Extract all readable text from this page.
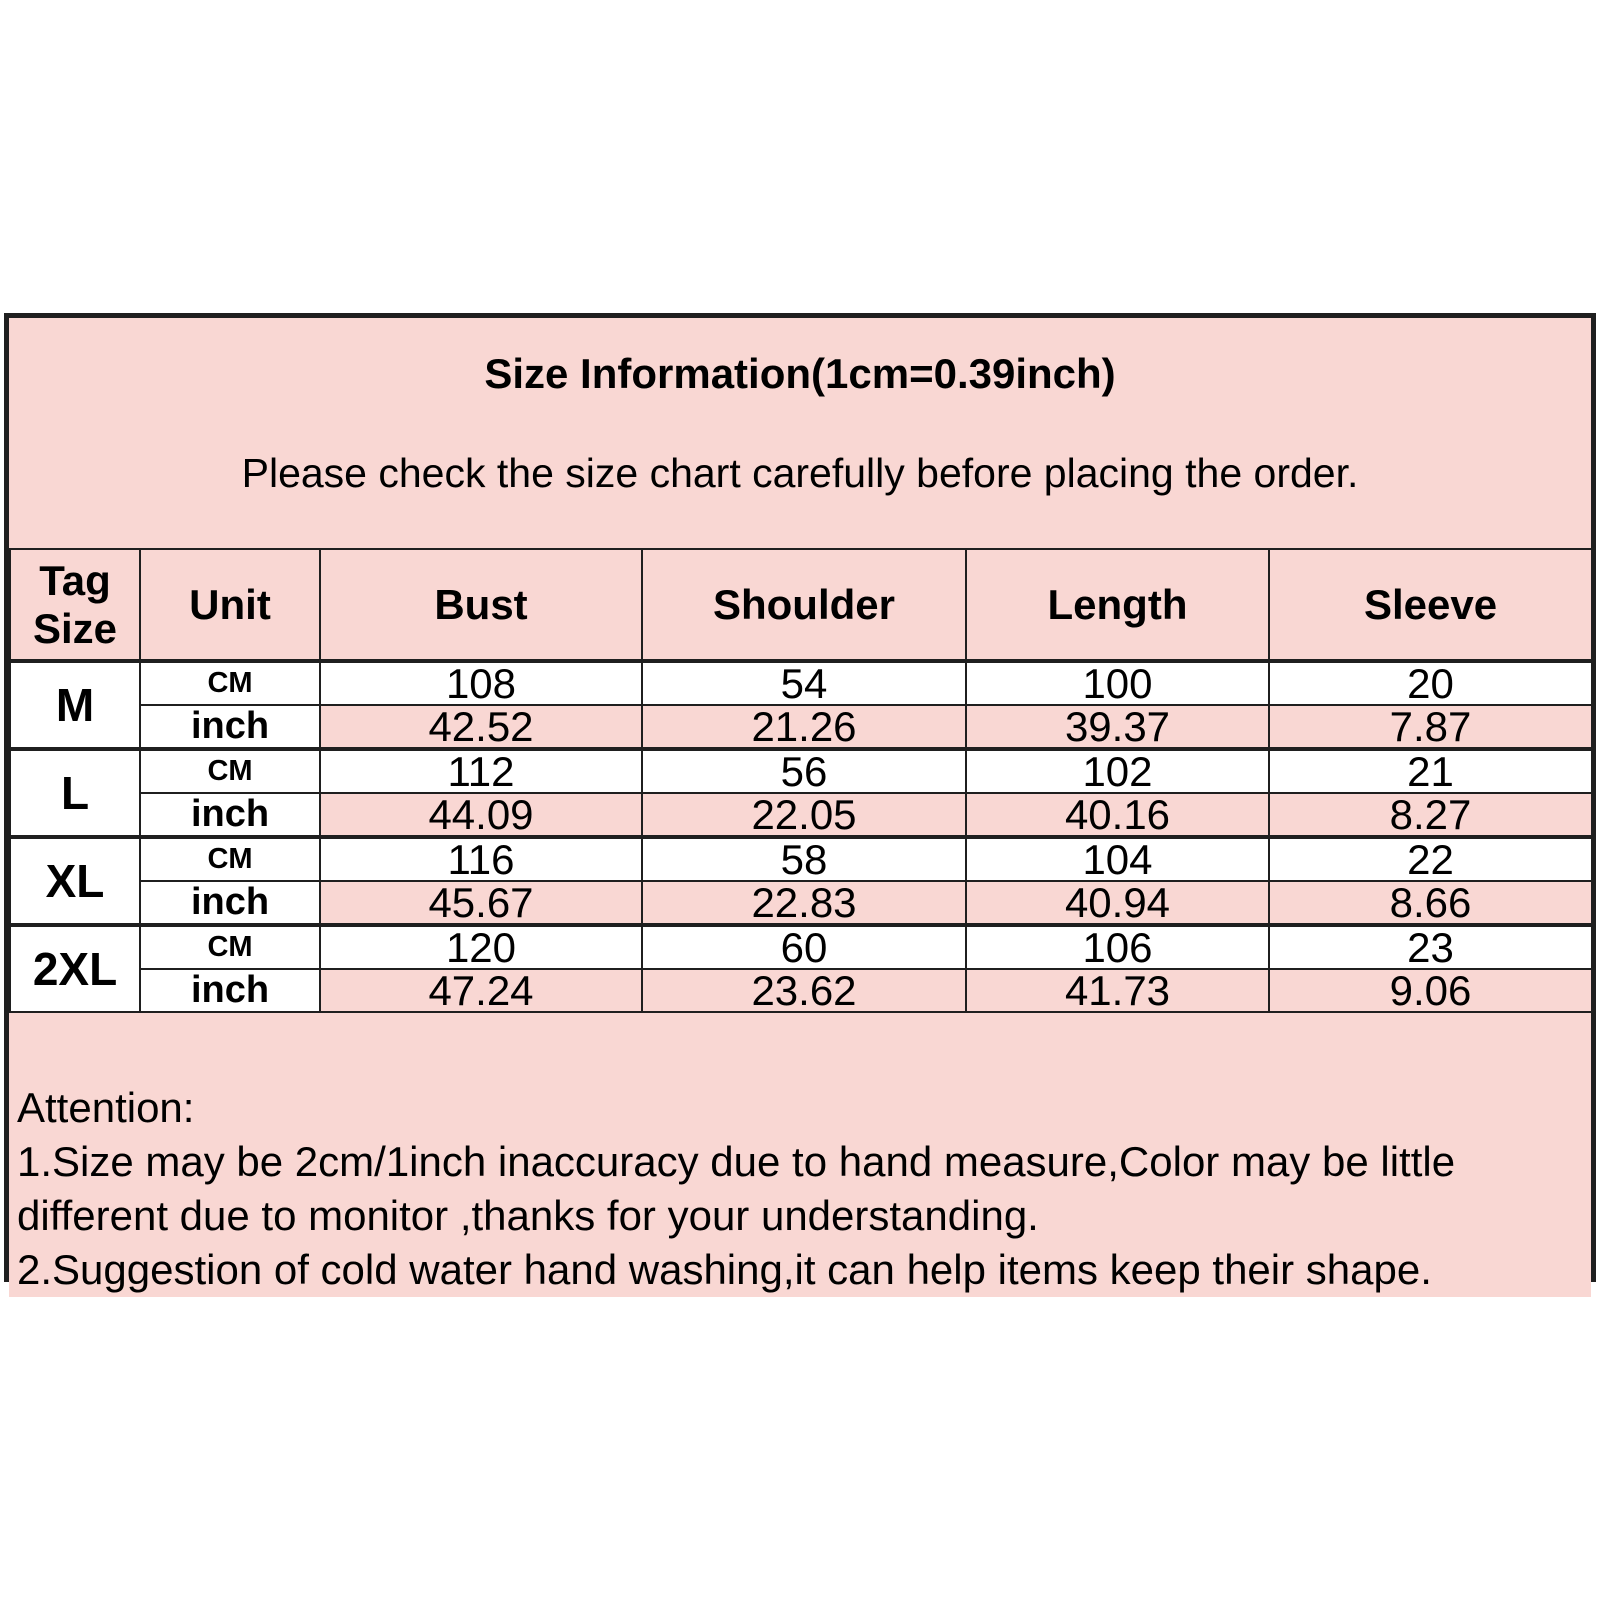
Size Information(1cm=0.39inch)
Please check the size chart carefully before placing the order.
Tag
Size	Unit	Bust	Shoulder	Length	Sleeve
M	CM	108	54	100	20
	inch	42.52	21.26	39.37	7.87
L	CM	112	56	102	21
	inch	44.09	22.05	40.16	8.27
XL	CM	116	58	104	22
	inch	45.67	22.83	40.94	8.66
2XL	CM	120	60	106	23
	inch	47.24	23.62	41.73	9.06
Attention:
1.Size may be 2cm/1inch inaccuracy due to hand measure,Color may be little
different due to monitor ,thanks for your understanding.
2.Suggestion of cold water hand washing,it can help items keep their shape.
